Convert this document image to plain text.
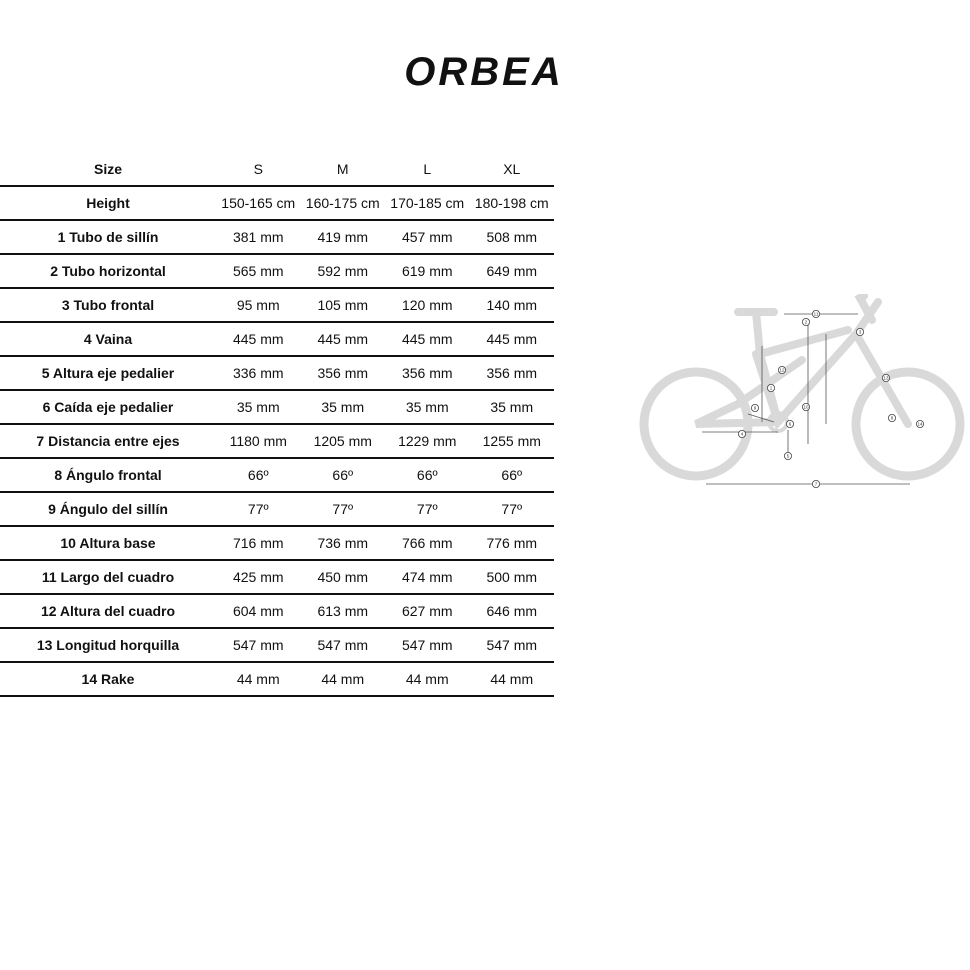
ORBEA
Size	S	M	L	XL
Height	150-165 cm	160-175 cm	170-185 cm	180-198 cm
1 Tubo de sillín	381 mm	419 mm	457 mm	508 mm
2 Tubo horizontal	565 mm	592 mm	619 mm	649 mm
3 Tubo frontal	95 mm	105 mm	120 mm	140 mm
4 Vaina	445 mm	445 mm	445 mm	445 mm
5 Altura eje pedalier	336 mm	356 mm	356 mm	356 mm
6 Caída eje pedalier	35 mm	35 mm	35 mm	35 mm
7 Distancia entre ejes	1180 mm	1205 mm	1229 mm	1255 mm
8 Ángulo frontal	66º	66º	66º	66º
9 Ángulo del sillín	77º	77º	77º	77º
10 Altura base	716 mm	736 mm	766 mm	776 mm
11 Largo del cuadro	425 mm	450 mm	474 mm	500 mm
12 Altura del cuadro	604 mm	613 mm	627 mm	646 mm
13 Longitud horquilla	547 mm	547 mm	547 mm	547 mm
14 Rake	44 mm	44 mm	44 mm	44 mm
1
2
3
4
5
6
7
8
9	10
11
12
13
14
